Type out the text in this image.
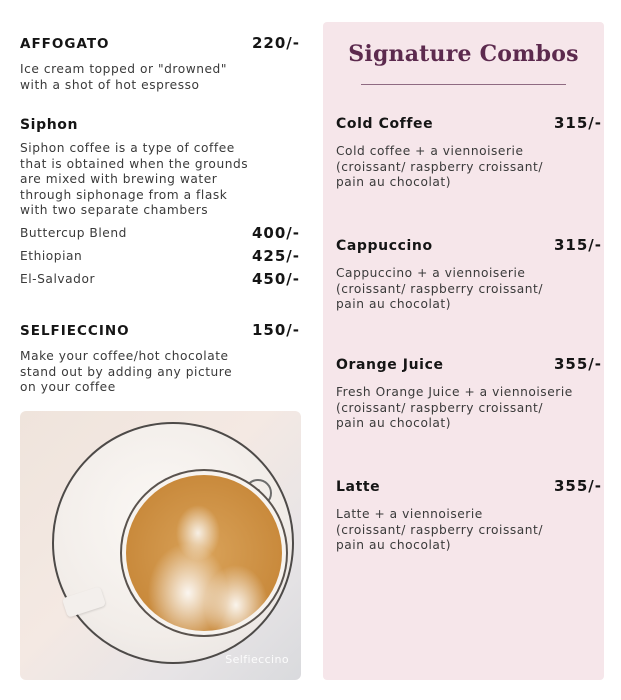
AFFOGATO	220/-
Ice cream topped or "drowned"
with a shot of hot espresso
Siphon
Siphon coffee is a type of coffee
that is obtained when the grounds
are mixed with brewing water
through siphonage from a flask
with two separate chambers
Buttercup Blend	400/-
Ethiopian	425/-
El-Salvador	450/-
SELFIECCINO	150/-
Make your coffee/hot chocolate
stand out by adding any picture
on your coffee
Selfieccino
Signature Combos
Cold Coffee	315/-
Cold coffee + a viennoiserie
(croissant/ raspberry croissant/
pain au chocolat)
Cappuccino	315/-
Cappuccino + a viennoiserie
(croissant/ raspberry croissant/
pain au chocolat)
Orange Juice	355/-
Fresh Orange Juice + a viennoiserie
(croissant/ raspberry croissant/
pain au chocolat)
Latte	355/-
Latte + a viennoiserie
(croissant/ raspberry croissant/
pain au chocolat)
